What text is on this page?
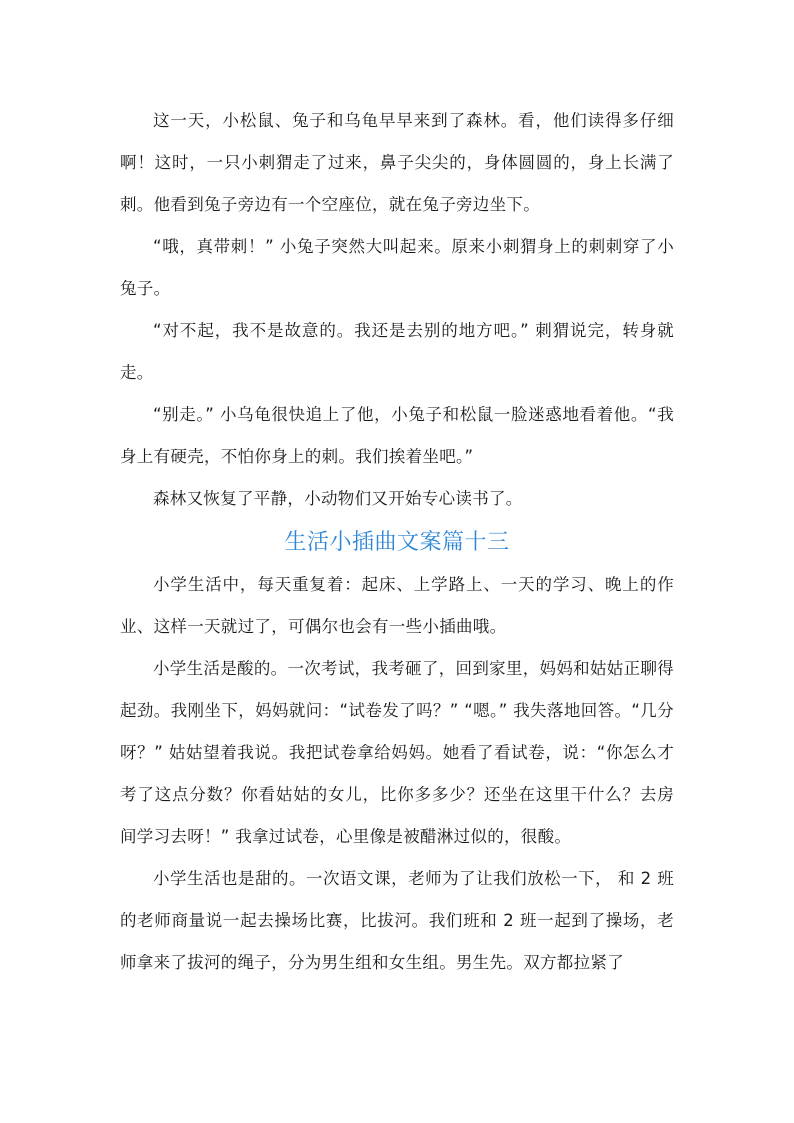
这一天，小松鼠、兔子和乌龟早早来到了森林。看，他们读得多仔细啊！这时，一只小刺猬走了过来，鼻子尖尖的，身体圆圆的，身上长满了刺。他看到兔子旁边有一个空座位，就在兔子旁边坐下。

“哦，真带刺！” 小兔子突然大叫起来。原来小刺猬身上的刺刺穿了小兔子。

“对不起，我不是故意的。我还是去别的地方吧。” 刺猬说完，转身就走。

“别走。” 小乌龟很快追上了他，小兔子和松鼠一脸迷惑地看着他。“我身上有硬壳，不怕你身上的刺。我们挨着坐吧。”

森林又恢复了平静，小动物们又开始专心读书了。

生活小插曲文案篇十三

小学生活中，每天重复着：起床、上学路上、一天的学习、晚上的作业、这样一天就过了，可偶尔也会有一些小插曲哦。

小学生活是酸的。一次考试，我考砸了，回到家里，妈妈和姑姑正聊得起劲。我刚坐下，妈妈就问：“试卷发了吗？” “嗯。” 我失落地回答。“几分呀？” 姑姑望着我说。我把试卷拿给妈妈。她看了看试卷，说：“你怎么才考了这点分数？你看姑姑的女儿，比你多多少？还坐在这里干什么？去房间学习去呀！” 我拿过试卷，心里像是被醋淋过似的，很酸。

小学生活也是甜的。一次语文课，老师为了让我们放松一下， 和 2 班的老师商量说一起去操场比赛，比拔河。我们班和 2 班一起到了操场，老师拿来了拔河的绳子，分为男生组和女生组。男生先。双方都拉紧了
